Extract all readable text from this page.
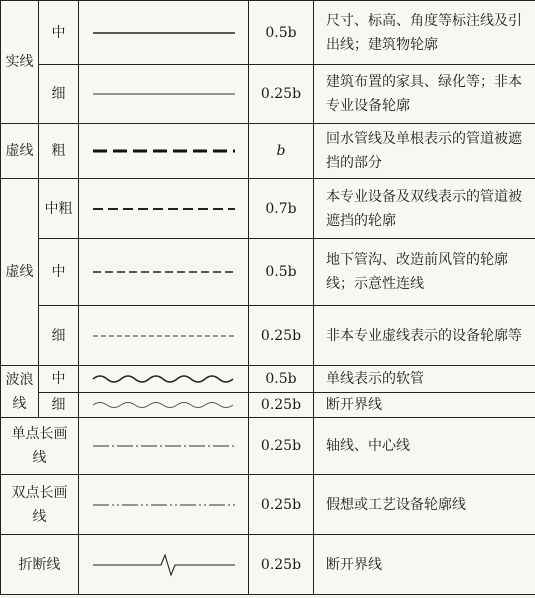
实线	中		0.5b	尺寸、标高、角度等标注线及引出线；建筑物轮廓
	细		0.25b	建筑布置的家具、绿化等；非本专业设备轮廓
虚线	粗		b	回水管线及单根表示的管道被遮挡的部分
虚线	中粗		0.7b	本专业设备及双线表示的管道被遮挡的轮廓
	中		0.5b	地下管沟、改造前风管的轮廓线；示意性连线
	细		0.25b	非本专业虚线表示的设备轮廓等
波浪线	中		0.5b	单线表示的软管
	细		0.25b	断开界线
单点长画线			0.25b	轴线、中心线
双点长画线			0.25b	假想或工艺设备轮廓线
折断线			0.25b	断开界线
